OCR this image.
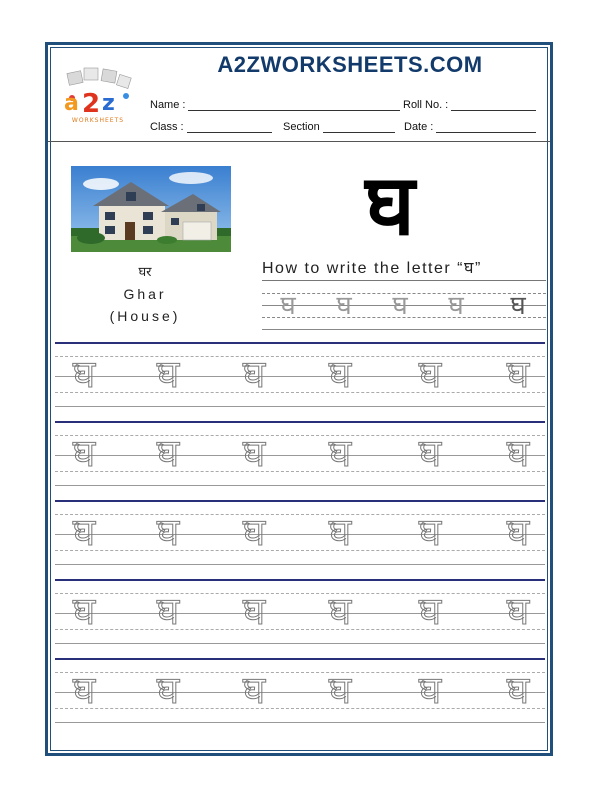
A2ZWORKSHEETS.COM
a 2 z
WORKSHEETS
Name :	Roll No. :
Class :	Section	Date :
घर
Ghar
(House)
घ
How to write the letter “घ”
घ	घ	घ	घ	घ
घ	घ	घ	घ	घ	घ
घ	घ	घ	घ	घ	घ
घ	घ	घ	घ	घ	घ
घ	घ	घ	घ	घ	घ
घ	घ	घ	घ	घ	घ
